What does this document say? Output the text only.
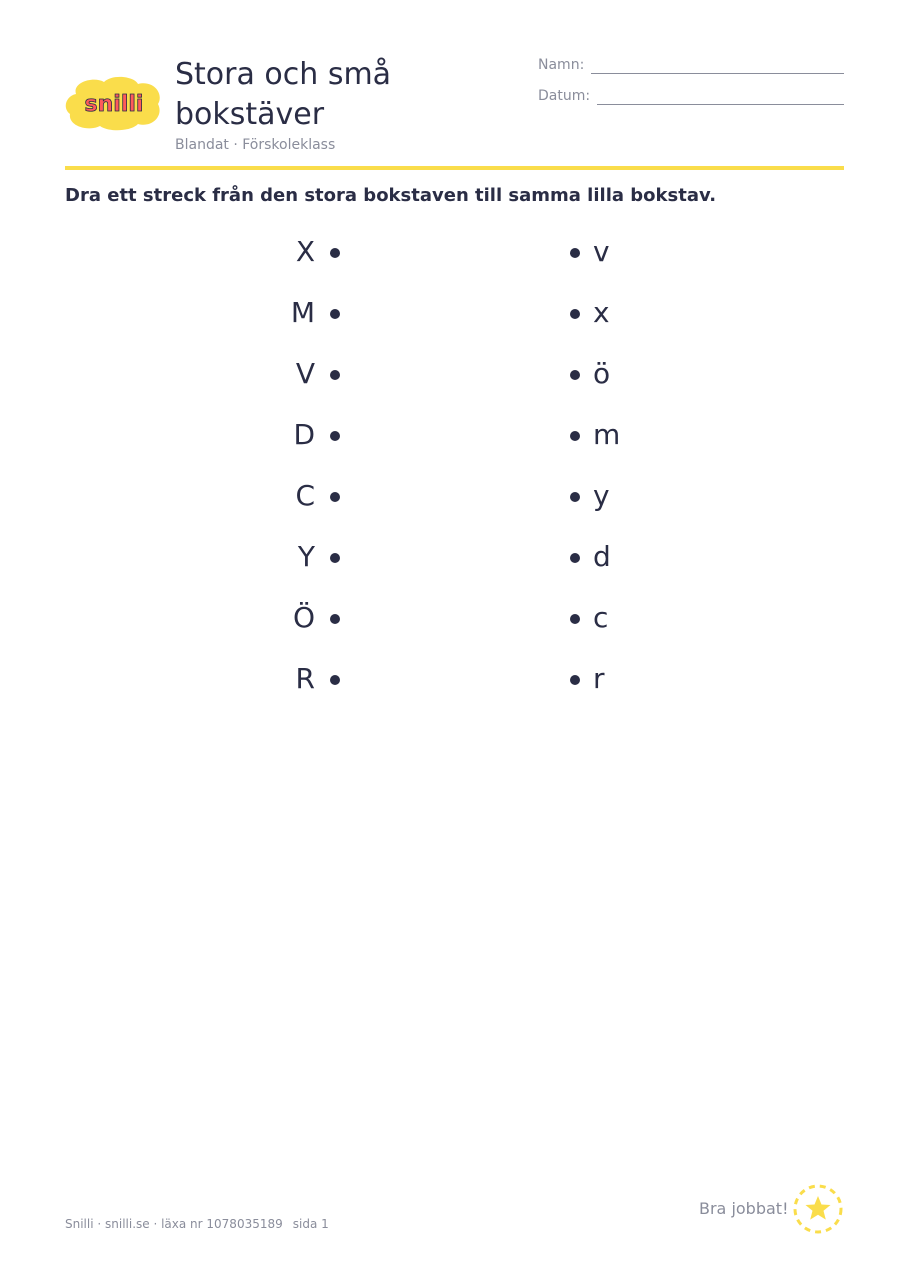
snilli
Stora och små bokstäver
Blandat · Förskoleklass
Namn:
Datum:
Dra ett streck från den stora bokstaven till samma lilla bokstav.
X
M
V
D
C
Y
Ö
R
v
x
ö
m
y
d
c
r
Snilli · snilli.se · läxa nr 1078035189 sida 1
Bra jobbat!
